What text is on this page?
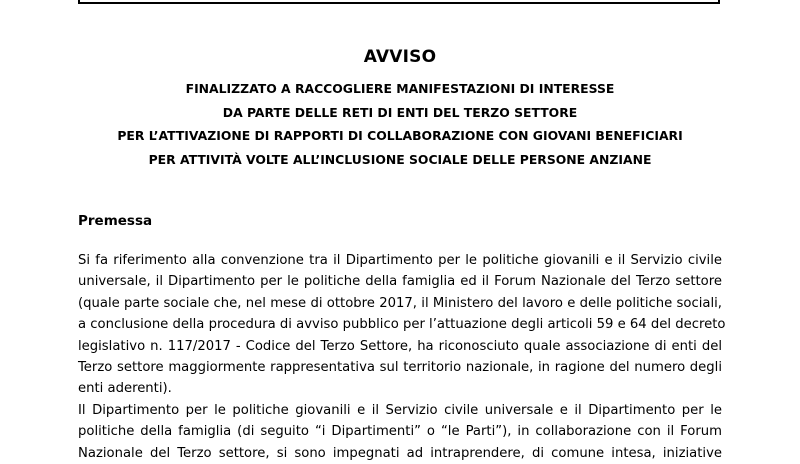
AVVISO
FINALIZZATO A RACCOGLIERE MANIFESTAZIONI DI INTERESSE
DA PARTE DELLE RETI DI ENTI DEL TERZO SETTORE
PER L’ATTIVAZIONE DI RAPPORTI DI COLLABORAZIONE CON GIOVANI BENEFICIARI
PER ATTIVITÀ VOLTE ALL’INCLUSIONE SOCIALE DELLE PERSONE ANZIANE
Premessa
Si fa riferimento alla convenzione tra il Dipartimento per le politiche giovanili e il Servizio civile
universale, il Dipartimento per le politiche della famiglia ed il Forum Nazionale del Terzo settore
(quale parte sociale che, nel mese di ottobre 2017, il Ministero del lavoro e delle politiche sociali,
a conclusione della procedura di avviso pubblico per l’attuazione degli articoli 59 e 64 del decreto
legislativo n. 117/2017 - Codice del Terzo Settore, ha riconosciuto quale associazione di enti del
Terzo settore maggiormente rappresentativa sul territorio nazionale, in ragione del numero degli
enti aderenti).
Il Dipartimento per le politiche giovanili e il Servizio civile universale e il Dipartimento per le
politiche della famiglia (di seguito “i Dipartimenti” o “le Parti”), in collaborazione con il Forum
Nazionale del Terzo settore, si sono impegnati ad intraprendere, di comune intesa, iniziative
